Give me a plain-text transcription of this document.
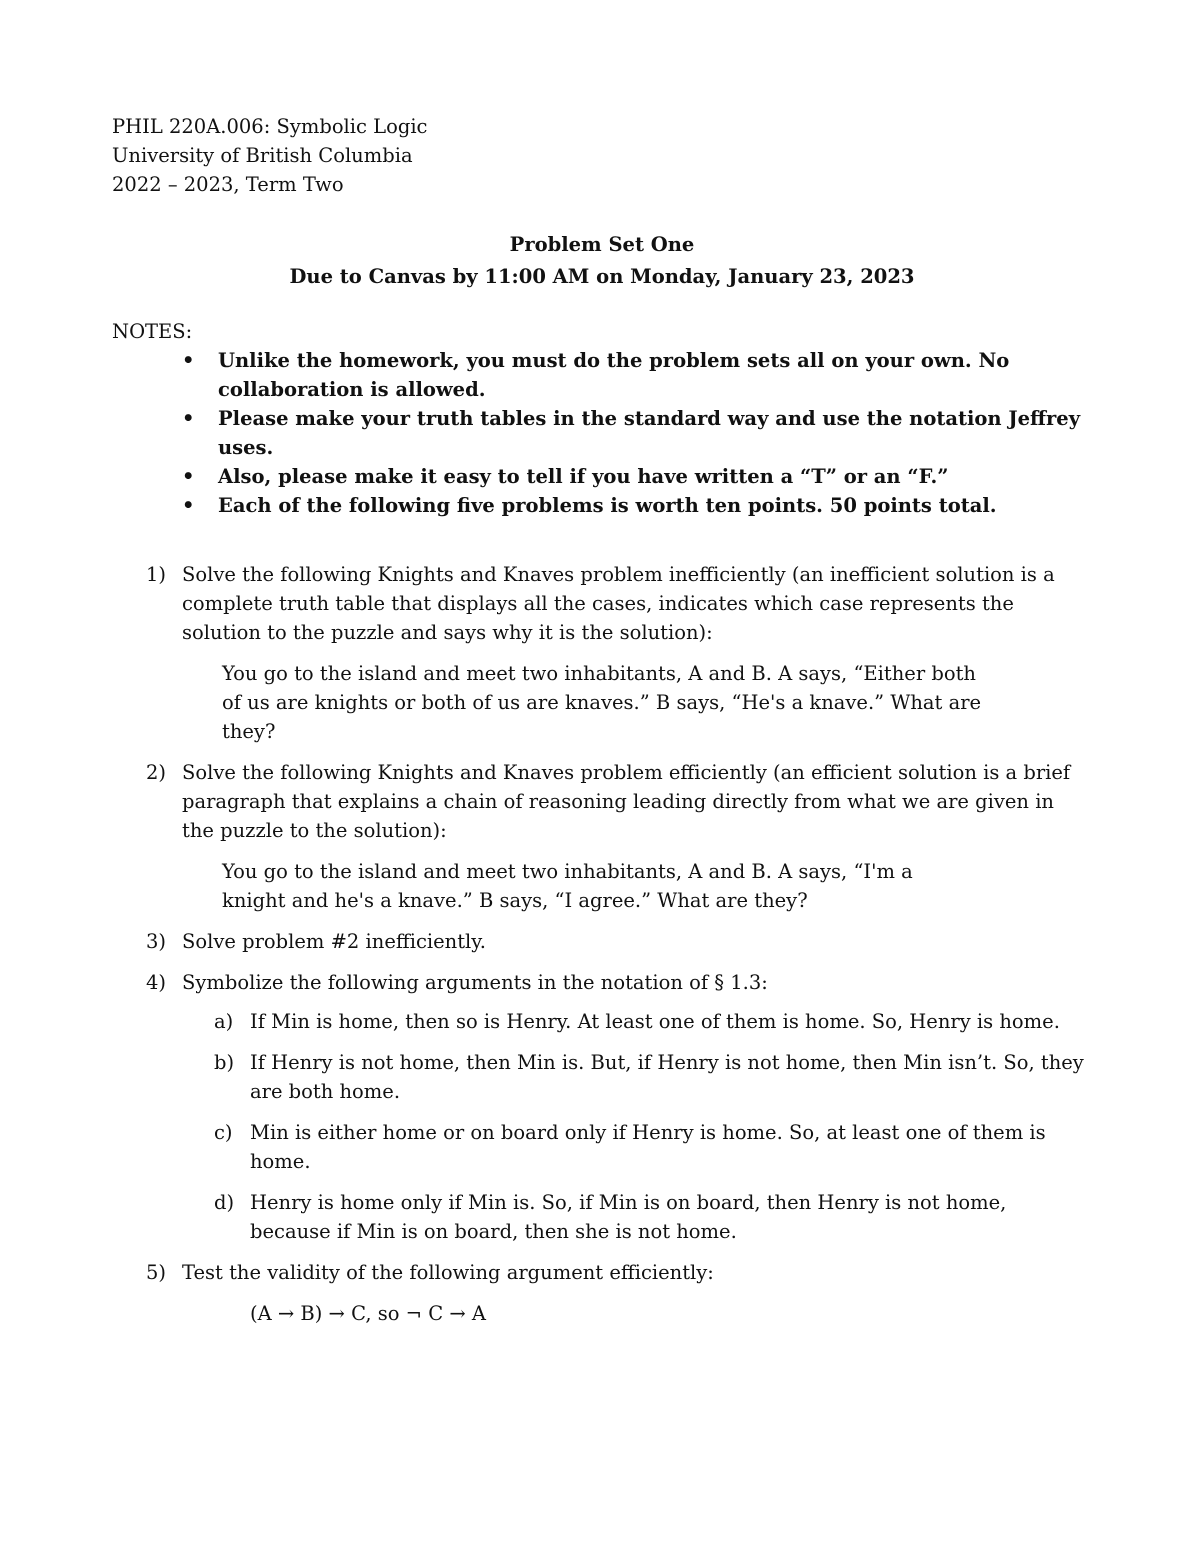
PHIL 220A.006: Symbolic Logic
University of British Columbia
2022 – 2023, Term Two
Problem Set One
Due to Canvas by 11:00 AM on Monday, January 23, 2023
NOTES:
• Unlike the homework, you must do the problem sets all on your own. No collaboration is allowed.
• Please make your truth tables in the standard way and use the notation Jeffrey uses.
• Also, please make it easy to tell if you have written a “T” or an “F.”
• Each of the following five problems is worth ten points. 50 points total.
1) Solve the following Knights and Knaves problem inefficiently (an inefficient solution is a complete truth table that displays all the cases, indicates which case represents the solution to the puzzle and says why it is the solution):
You go to the island and meet two inhabitants, A and B. A says, “Either both of us are knights or both of us are knaves.” B says, “He's a knave.” What are they?
2) Solve the following Knights and Knaves problem efficiently (an efficient solution is a brief paragraph that explains a chain of reasoning leading directly from what we are given in the puzzle to the solution):
You go to the island and meet two inhabitants, A and B. A says, “I'm a knight and he's a knave.” B says, “I agree.” What are they?
3) Solve problem #2 inefficiently.
4) Symbolize the following arguments in the notation of § 1.3:
a) If Min is home, then so is Henry. At least one of them is home. So, Henry is home.
b) If Henry is not home, then Min is. But, if Henry is not home, then Min isn’t. So, they are both home.
c) Min is either home or on board only if Henry is home. So, at least one of them is home.
d) Henry is home only if Min is. So, if Min is on board, then Henry is not home, because if Min is on board, then she is not home.
5) Test the validity of the following argument efficiently:
(A → B) → C, so ¬ C → A
